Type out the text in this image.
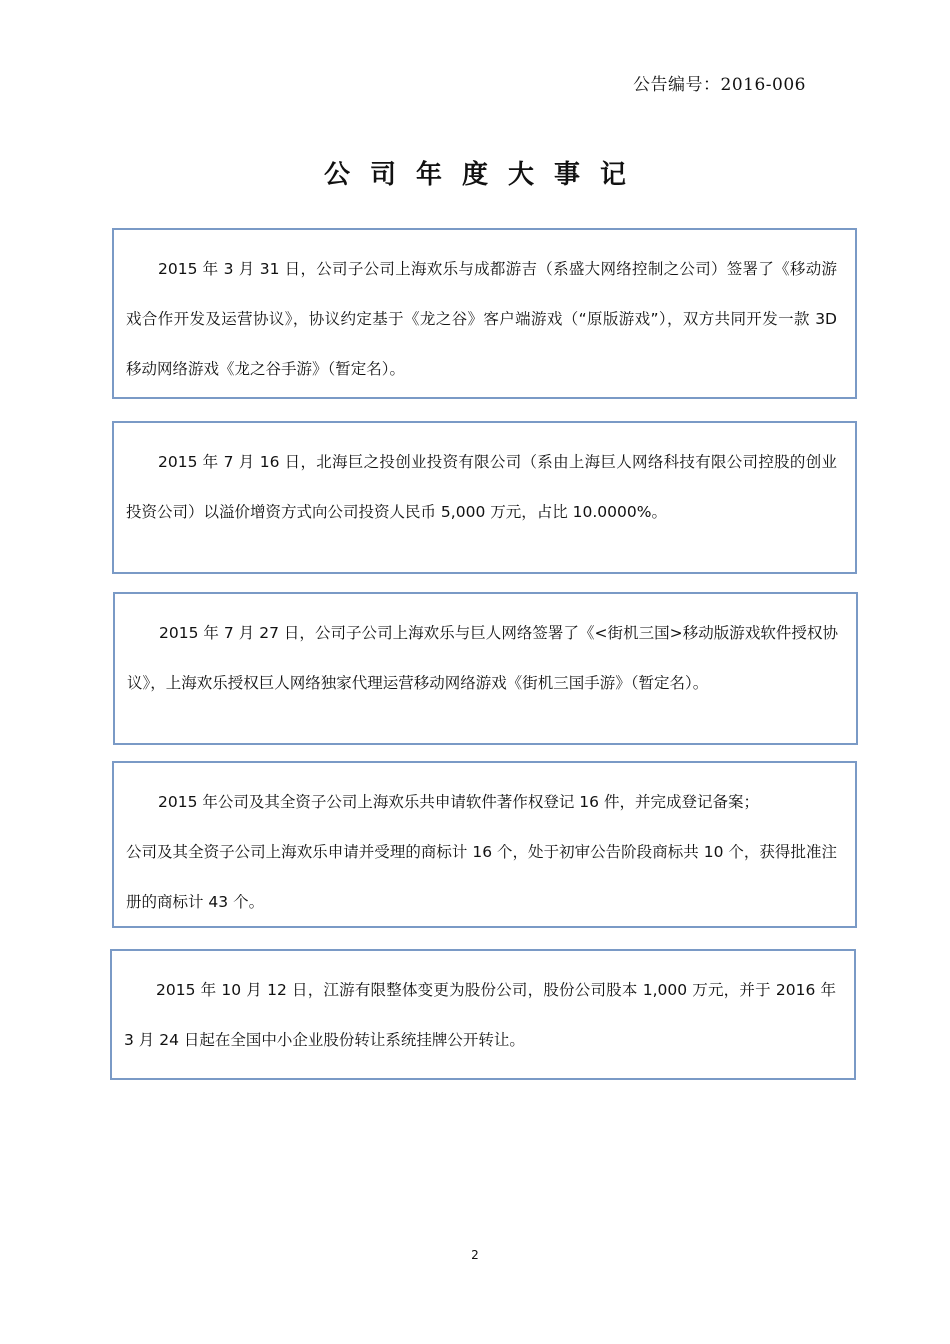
公告编号：2016-006
公司年度大事记

2015 年 3 月 31 日，公司子公司上海欢乐与成都游吉（系盛大网络控制之公司）签署了《移动游戏合作开发及运营协议》，协议约定基于《龙之谷》客户端游戏（“原版游戏”），双方共同开发一款 3D 移动网络游戏《龙之谷手游》（暂定名）。

2015 年 7 月 16 日，北海巨之投创业投资有限公司（系由上海巨人网络科技有限公司控股的创业投资公司）以溢价增资方式向公司投资人民币 5,000 万元，占比 10.0000%。

2015 年 7 月 27 日，公司子公司上海欢乐与巨人网络签署了《<街机三国>移动版游戏软件授权协议》，上海欢乐授权巨人网络独家代理运营移动网络游戏《街机三国手游》（暂定名）。

2015 年公司及其全资子公司上海欢乐共申请软件著作权登记 16 件，并完成登记备案；

公司及其全资子公司上海欢乐申请并受理的商标计 16 个，处于初审公告阶段商标共 10 个，获得批准注册的商标计 43 个。

2015 年 10 月 12 日，江游有限整体变更为股份公司，股份公司股本 1,000 万元，并于 2016 年 3 月 24 日起在全国中小企业股份转让系统挂牌公开转让。

2
